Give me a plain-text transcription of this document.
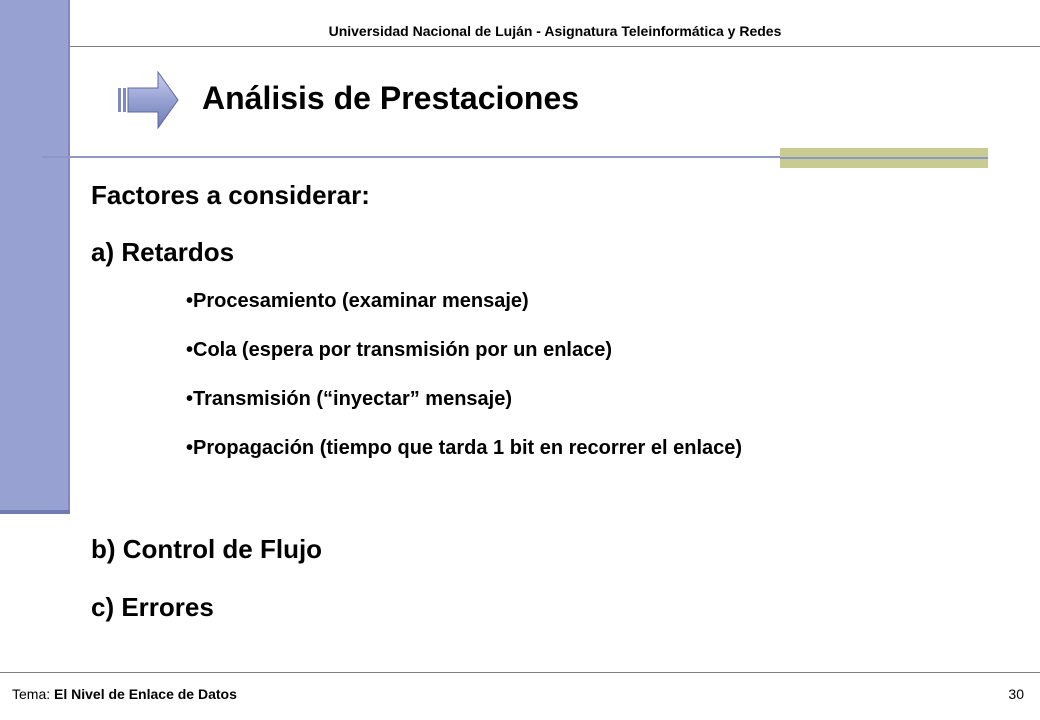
Universidad Nacional de Luján - Asignatura Teleinformática y Redes
Análisis de Prestaciones
Factores a considerar:
a) Retardos
• Procesamiento (examinar mensaje)
• Cola (espera por transmisión por un enlace)
• Transmisión (“inyectar” mensaje)
• Propagación (tiempo que tarda 1 bit en recorrer el enlace)
b) Control de Flujo
c) Errores
Tema: El Nivel de Enlace de Datos	30
